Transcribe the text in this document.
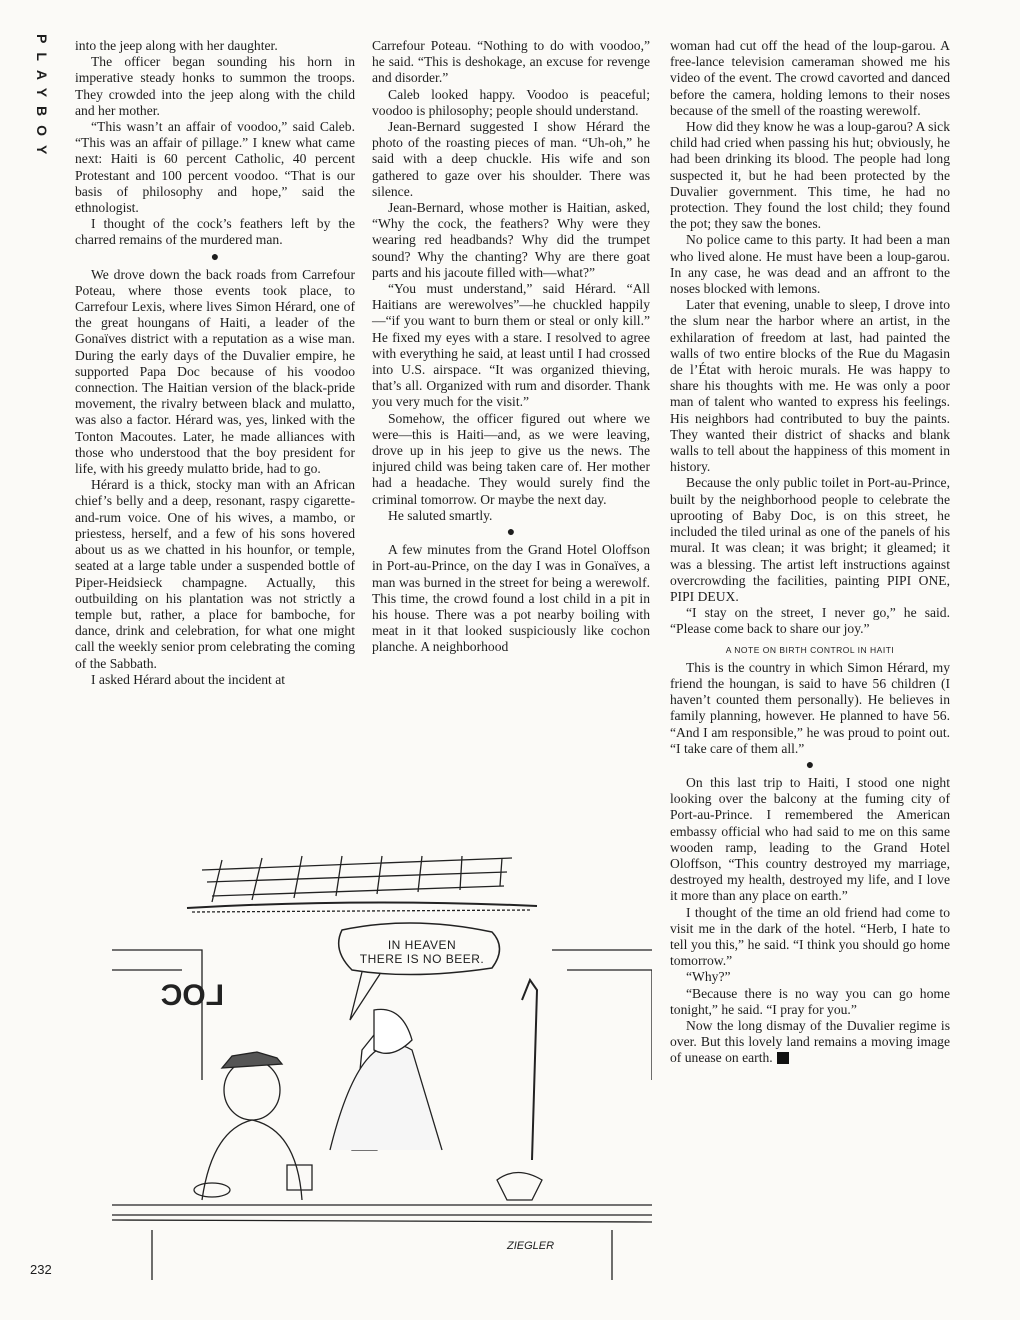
PLAYBOY into the jeep along with her daughter.

The officer began sounding his horn in imperative steady honks to summon the troops. They crowded into the jeep along with the child and her mother.

“This wasn’t an affair of voodoo,” said Caleb. “This was an affair of pillage.” I knew what came next: Haiti is 60 percent Catholic, 40 percent Protestant and 100 percent voodoo. “That is our basis of philosophy and hope,” said the ethnologist.

I thought of the cock’s feathers left by the charred remains of the murdered man.

●

We drove down the back roads from Carrefour Poteau, where those events took place, to Carrefour Lexis, where lives Simon Hérard, one of the great houngans of Haiti, a leader of the Gonaïves district with a reputation as a wise man. During the early days of the Duvalier empire, he supported Papa Doc because of his voodoo connection. The Haitian version of the black-pride movement, the rivalry between black and mulatto, was also a factor. Hérard was, yes, linked with the Tonton Macoutes. Later, he made alliances with those who understood that the boy president for life, with his greedy mulatto bride, had to go.

Hérard is a thick, stocky man with an African chief’s belly and a deep, resonant, raspy cigarette-and-rum voice. One of his wives, a mambo, or priestess, herself, and a few of his sons hovered about us as we chatted in his hounfor, or temple, seated at a large table under a suspended bottle of Piper-Heidsieck champagne. Actually, this outbuilding on his plantation was not strictly a temple but, rather, a place for bamboche, for dance, drink and celebration, for what one might call the weekly senior prom celebrating the coming of the Sabbath.

I asked Hérard about the incident at

Carrefour Poteau. “Nothing to do with voodoo,” he said. “This is deshokage, an excuse for revenge and disorder.”

Caleb looked happy. Voodoo is peaceful; voodoo is philosophy; people should understand.

Jean-Bernard suggested I show Hérard the photo of the roasting pieces of man. “Uh-oh,” he said with a deep chuckle. His wife and son gathered to gaze over his shoulder. There was silence.

Jean-Bernard, whose mother is Haitian, asked, “Why the cock, the feathers? Why were they wearing red headbands? Why did the trumpet sound? Why the chanting? Why are there goat parts and his jacoute filled with—what?”

“You must understand,” said Hérard. “All Haitians are werewolves”—he chuckled happily—“if you want to burn them or steal or only kill.” He fixed my eyes with a stare. I resolved to agree with everything he said, at least until I had crossed into U.S. airspace. “It was organized thieving, that’s all. Organized with rum and disorder. Thank you very much for the visit.”

Somehow, the officer figured out where we were—this is Haiti—and, as we were leaving, drove up in his jeep to give us the news. The injured child was being taken care of. Her mother had a headache. They would surely find the criminal tomorrow. Or maybe the next day.

He saluted smartly.

●

A few minutes from the Grand Hotel Oloffson in Port-au-Prince, on the day I was in Gonaïves, a man was burned in the street for being a werewolf. This time, the crowd found a lost child in a pit in his house. There was a pot nearby boiling with meat in it that looked suspiciously like cochon planche. A neighborhood

woman had cut off the head of the loup-garou. A free-lance television cameraman showed me his video of the event. The crowd cavorted and danced before the camera, holding lemons to their noses because of the smell of the roasting werewolf.

How did they know he was a loup-garou? A sick child had cried when passing his hut; obviously, he had been drinking its blood. The people had long suspected it, but he had been protected by the Duvalier government. This time, he had no protection. They found the lost child; they found the pot; they saw the bones.

No police came to this party. It had been a man who lived alone. He must have been a loup-garou. In any case, he was dead and an affront to the noses blocked with lemons.

Later that evening, unable to sleep, I drove into the slum near the harbor where an artist, in the exhilaration of freedom at last, had painted the walls of two entire blocks of the Rue du Magasin de l’État with heroic murals. He was happy to share his thoughts with me. He was only a poor man of talent who wanted to express his feelings. His neighbors had contributed to buy the paints. They wanted their district of shacks and blank walls to tell about the happiness of this moment in history.

Because the only public toilet in Port-au-Prince, built by the neighborhood people to celebrate the uprooting of Baby Doc, is on this street, he included the tiled urinal as one of the panels of his mural. It was clean; it was bright; it gleamed; it was a blessing. The artist left instructions against overcrowding the facilities, painting PIPI ONE, PIPI DEUX.

“I stay on the street, I never go,” he said. “Please come back to share our joy.”

A NOTE ON BIRTH CONTROL IN HAITI

This is the country in which Simon Hérard, my friend the houngan, is said to have 56 children (I haven’t counted them personally). He believes in family planning, however. He planned to have 56. “And I am responsible,” he was proud to point out. “I take care of them all.”

●

On this last trip to Haiti, I stood one night looking over the balcony at the fuming city of Port-au-Prince. I remembered the American embassy official who had said to me on this same wooden ramp, leading to the Grand Hotel Oloffson, “This country destroyed my marriage, destroyed my health, destroyed my life, and I love it more than any place on earth.”

I thought of the time an old friend had come to visit me in the dark of the hotel. “Herb, I hate to tell you this,” he said. “I think you should go home tomorrow.”

“Why?”

“Because there is no way you can go home tonight,” he said. “I pray for you.”

Now the long dismay of the Duvalier regime is over. But this lovely land remains a moving image of unease on earth.

LOC
IN HEAVEN
THERE IS NO BEER.
ZIEGLER
232
